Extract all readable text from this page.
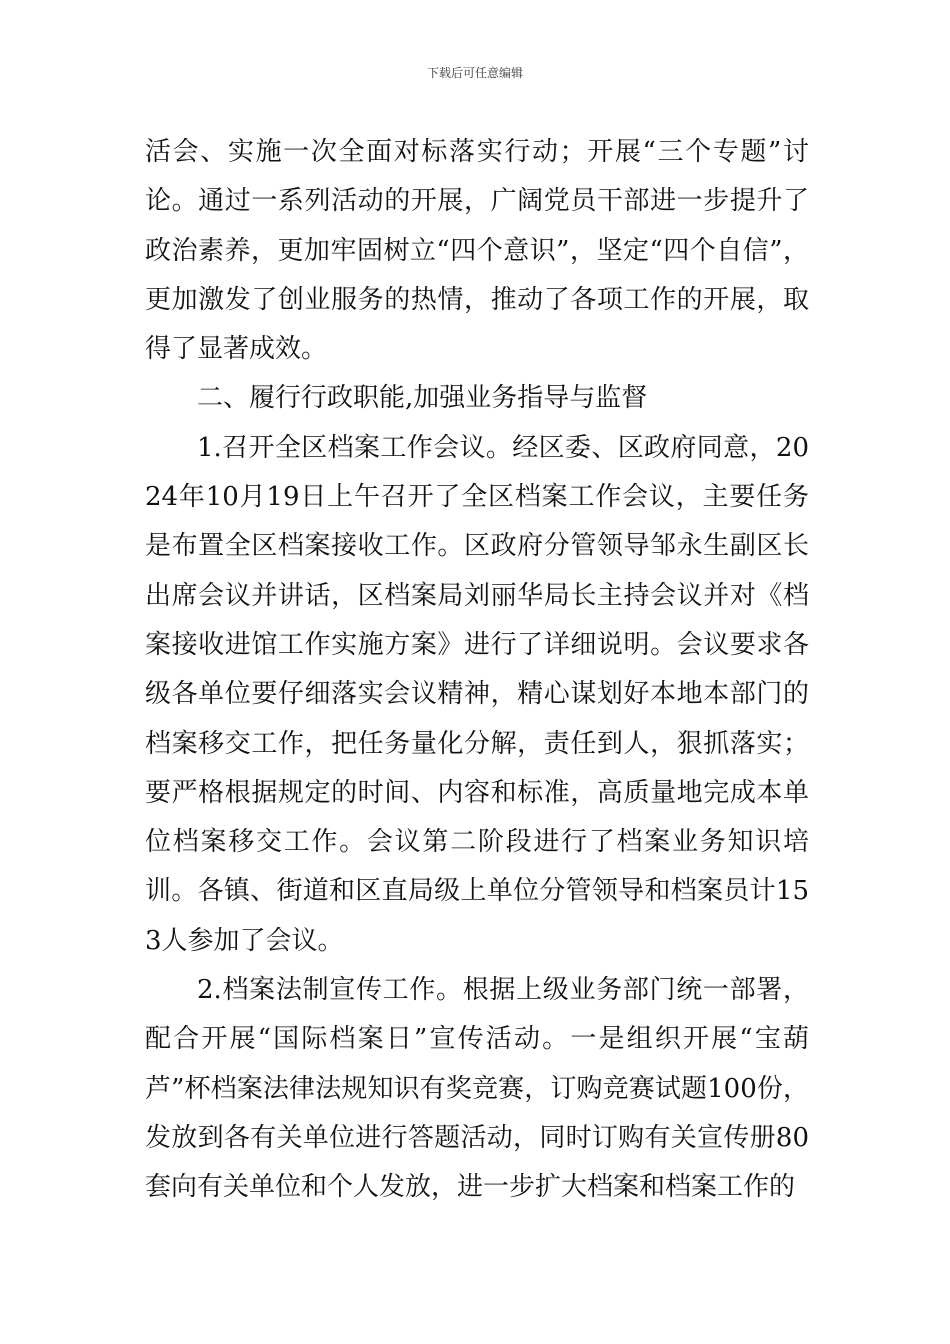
下载后可任意编辑

活会、实施一次全面对标落实行动；开展“三个专题”讨论。通过一系列活动的开展，广阔党员干部进一步提升了政治素养，更加牢固树立“四个意识”，坚定“四个自信”，更加激发了创业服务的热情，推动了各项工作的开展，取得了显著成效。

二、履行行政职能,加强业务指导与监督

1.召开全区档案工作会议。经区委、区政府同意，2024年10月19日上午召开了全区档案工作会议，主要任务是布置全区档案接收工作。区政府分管领导邹永生副区长出席会议并讲话，区档案局刘丽华局长主持会议并对《档案接收进馆工作实施方案》进行了详细说明。会议要求各级各单位要仔细落实会议精神，精心谋划好本地本部门的档案移交工作，把任务量化分解，责任到人，狠抓落实；要严格根据规定的时间、内容和标准，高质量地完成本单位档案移交工作。会议第二阶段进行了档案业务知识培训。各镇、街道和区直局级上单位分管领导和档案员计153人参加了会议。

2.档案法制宣传工作。根据上级业务部门统一部署，配合开展“国际档案日”宣传活动。一是组织开展“宝葫芦”杯档案法律法规知识有奖竞赛，订购竞赛试题100份，发放到各有关单位进行答题活动，同时订购有关宣传册80套向有关单位和个人发放，进一步扩大档案和档案工作的
